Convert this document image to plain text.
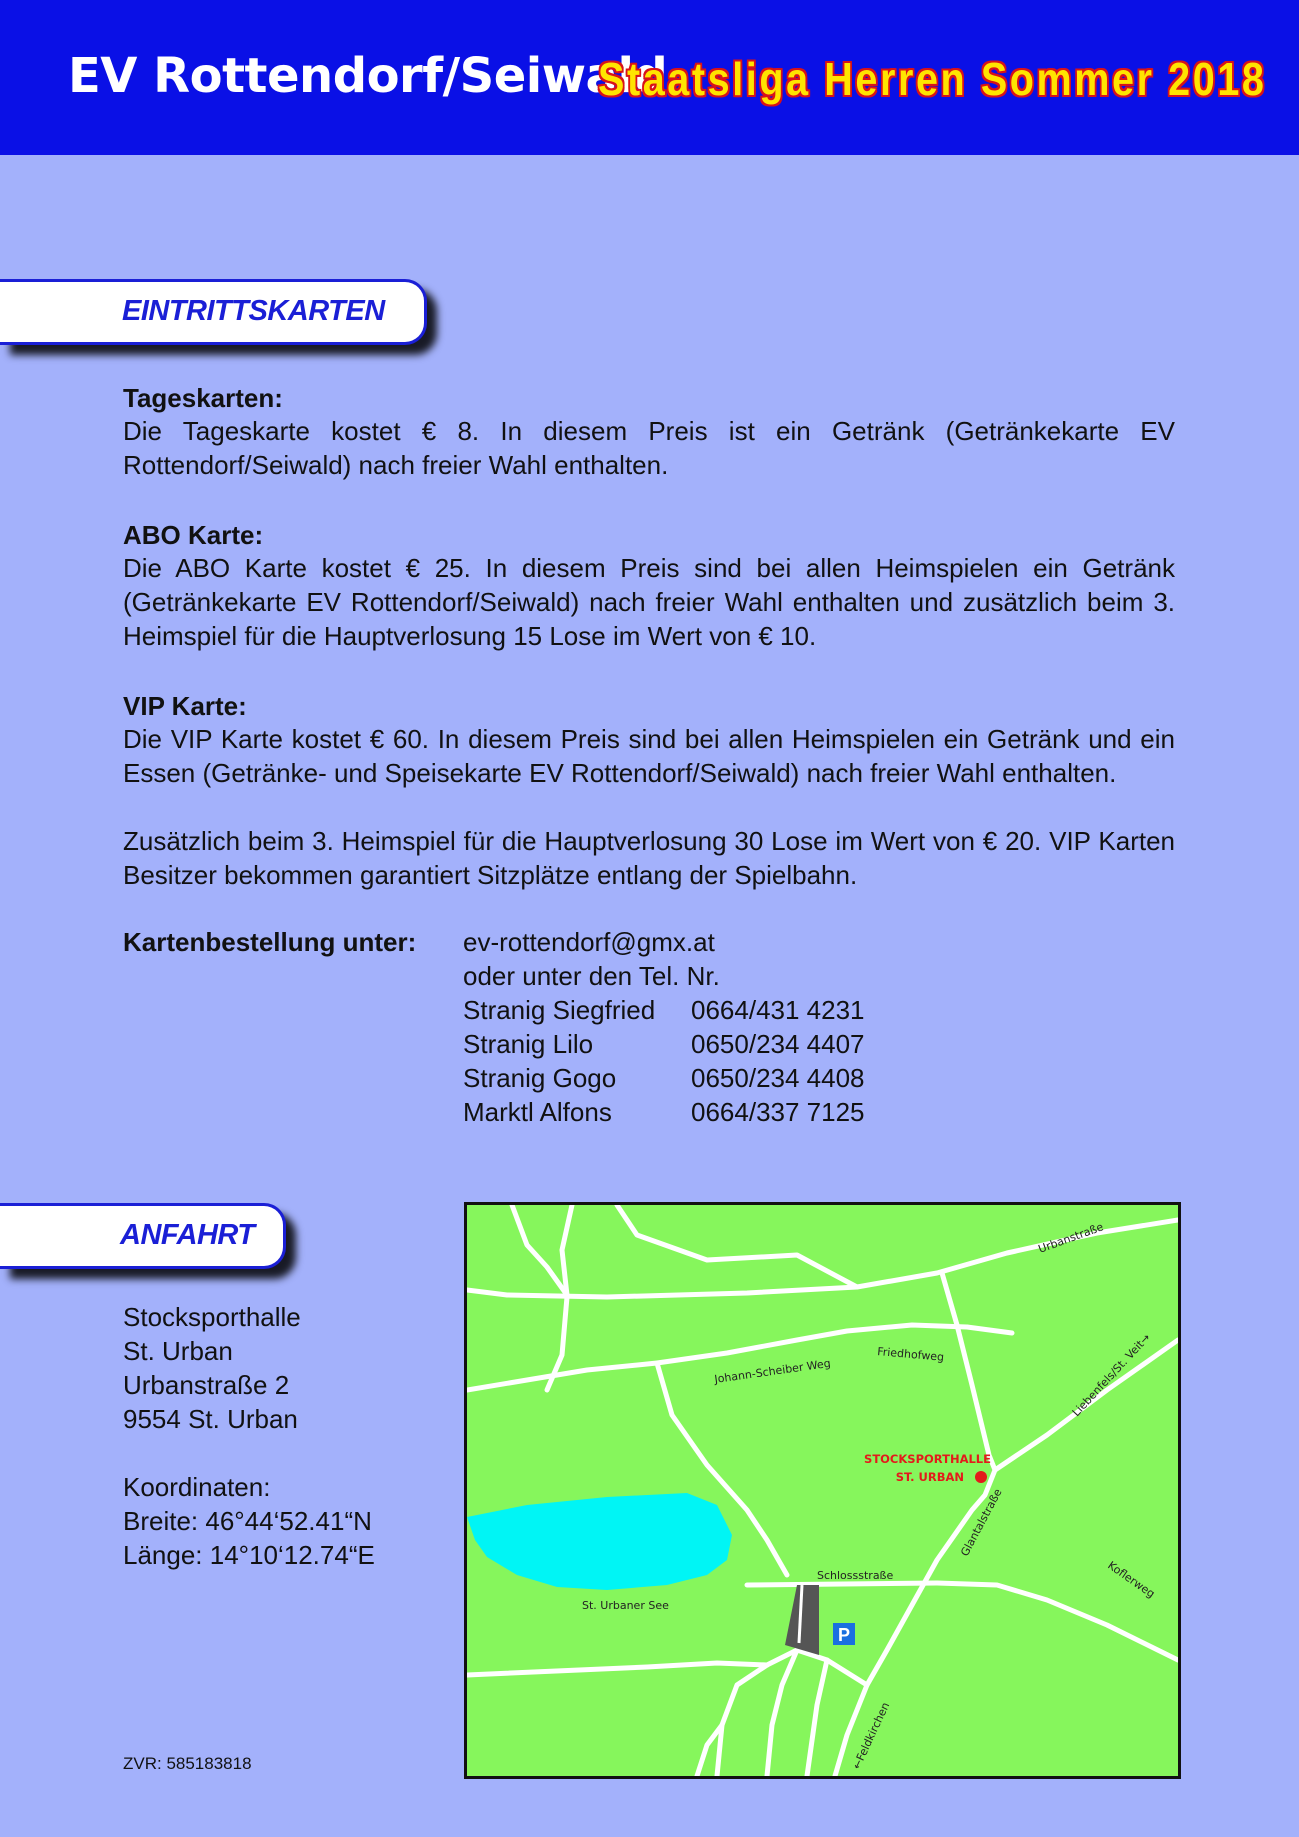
EV Rottendorf/Seiwald
Staatsliga Herren Sommer 2018
EINTRITTSKARTEN
Tageskarten:
Die Tageskarte kostet € 8. In diesem Preis ist ein Getränk (Getränkekarte EV Rottendorf/Seiwald) nach freier Wahl enthalten.
ABO Karte:
Die ABO Karte kostet € 25. In diesem Preis sind bei allen Heimspielen ein Getränk (Getränkekarte EV Rottendorf/Seiwald) nach freier Wahl enthalten und zusätzlich beim 3. Heimspiel für die Hauptverlosung 15 Lose im Wert von € 10.
VIP Karte:
Die VIP Karte kostet € 60. In diesem Preis sind bei allen Heimspielen ein Getränk und ein Essen (Getränke- und Speisekarte EV Rottendorf/Seiwald) nach freier Wahl enthalten.
Zusätzlich beim 3. Heimspiel für die Hauptverlosung 30 Lose im Wert von € 20. VIP Karten Besitzer bekommen garantiert Sitzplätze entlang der Spielbahn.
Kartenbestellung unter: ev-rottendorf@gmx.at
oder unter den Tel. Nr.
Stranig Siegfried 0664/431 4231
Stranig Lilo	0650/234 4407
Stranig Gogo	0650/234 4408
Marktl Alfons	0664/337 7125
ANFAHRT
Stocksporthalle
St. Urban
Urbanstraße 2
9554 St. Urban
Koordinaten:
Breite: 46°44‘52.41“N
Länge: 14°10‘12.74“E
P
Urbanstraße
Friedhofweg
Johann-Scheiber Weg	Liebenfels/St. Veit→
Glantalstraße
Schlossstraße	Koflerweg
St. Urbaner See
←Feldkirchen
STOCKSPORTHALLE
ST. URBAN
ZVR: 585183818
